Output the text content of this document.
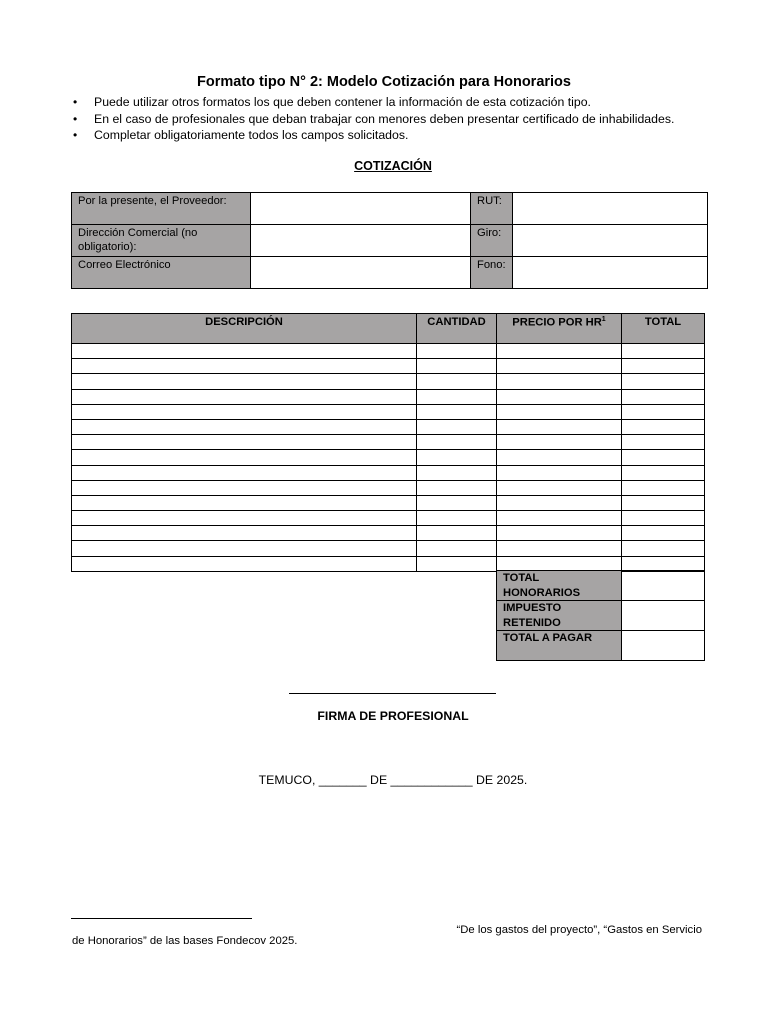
Formato tipo N° 2: Modelo Cotización para Honorarios
• Puede utilizar otros formatos los que deben contener la información de esta cotización tipo.
• En el caso de profesionales que deban trabajar con menores deben presentar certificado de inhabilidades.
• Completar obligatoriamente todos los campos solicitados.
COTIZACIÓN
Por la presente, el Proveedor:		RUT:	
Dirección Comercial (no obligatorio):		Giro:	
Correo Electrónico		Fono:	
DESCRIPCIÓN	CANTIDAD	PRECIO POR $HR^1$	TOTAL

TOTAL HONORARIOS	
IMPUESTO RETENIDO	
TOTAL A PAGAR	
FIRMA DE PROFESIONAL
TEMUCO, _______ DE ____________ DE 2025.
“De los gastos del proyecto”, “Gastos en Servicio
de Honorarios” de las bases Fondecov 2025.
